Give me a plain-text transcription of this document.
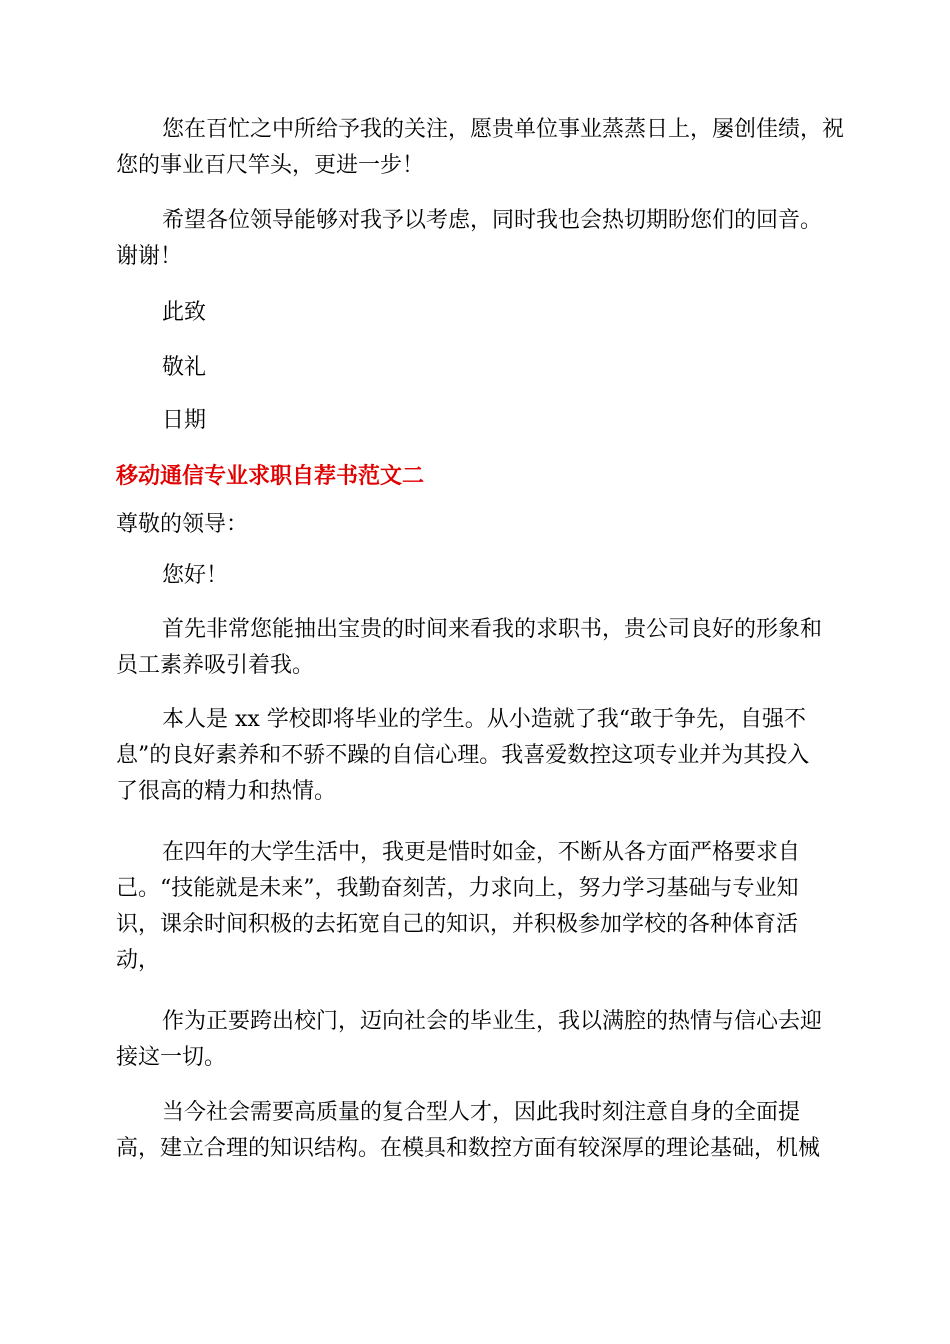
您在百忙之中所给予我的关注，愿贵单位事业蒸蒸日上，屡创佳绩，祝
您的事业百尺竿头，更进一步！
希望各位领导能够对我予以考虑，同时我也会热切期盼您们的回音。
谢谢！
此致
敬礼
日期
移动通信专业求职自荐书范文二
尊敬的领导：
您好！
首先非常您能抽出宝贵的时间来看我的求职书，贵公司良好的形象和
员工素养吸引着我。
本人是 xx 学校即将毕业的学生。从小造就了我“敢于争先，自强不
息”的良好素养和不骄不躁的自信心理。我喜爱数控这项专业并为其投入
了很高的精力和热情。
在四年的大学生活中，我更是惜时如金，不断从各方面严格要求自
己。“技能就是未来”，我勤奋刻苦，力求向上，努力学习基础与专业知
识，课余时间积极的去拓宽自己的知识，并积极参加学校的各种体育活
动，
作为正要跨出校门，迈向社会的毕业生，我以满腔的热情与信心去迎
接这一切。
当今社会需要高质量的复合型人才，因此我时刻注意自身的全面提
高，建立合理的知识结构。在模具和数控方面有较深厚的理论基础，机械
